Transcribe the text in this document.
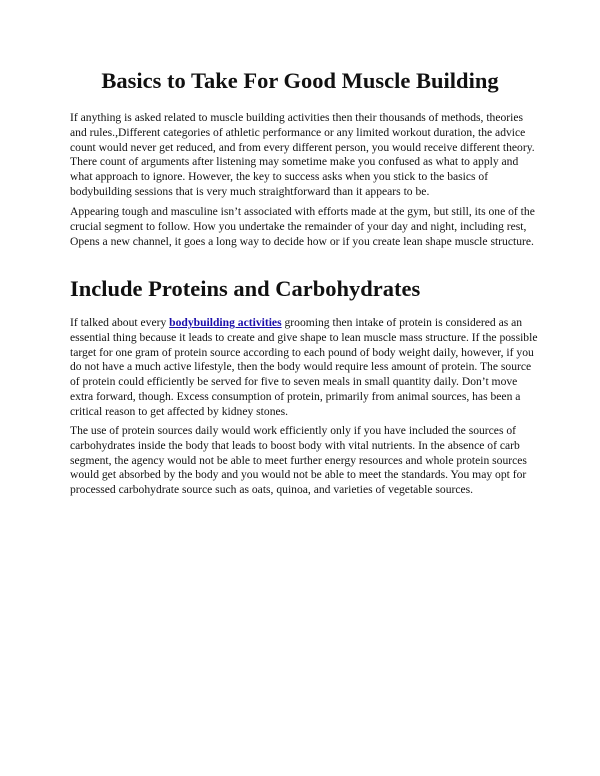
Basics to Take For Good Muscle Building

If anything is asked related to muscle building activities then their thousands of methods, theories and rules.,Different categories of athletic performance or any limited workout duration, the advice count would never get reduced, and from every different person, you would receive different theory. There count of arguments after listening may sometime make you confused as what to apply and what approach to ignore. However, the key to success asks when you stick to the basics of bodybuilding sessions that is very much straightforward than it appears to be.

Appearing tough and masculine isn’t associated with efforts made at the gym, but still, its one of the crucial segment to follow. How you undertake the remainder of your day and night, including rest, Opens a new channel, it goes a long way to decide how or if you create lean shape muscle structure.

Include Proteins and Carbohydrates

If talked about every bodybuilding activities grooming then intake of protein is considered as an essential thing because it leads to create and give shape to lean muscle mass structure. If the possible target for one gram of protein source according to each pound of body weight daily, however, if you do not have a much active lifestyle, then the body would require less amount of protein. The source of protein could efficiently be served for five to seven meals in small quantity daily. Don’t move extra forward, though. Excess consumption of protein, primarily from animal sources, has been a critical reason to get affected by kidney stones.

The use of protein sources daily would work efficiently only if you have included the sources of carbohydrates inside the body that leads to boost body with vital nutrients. In the absence of carb segment, the agency would not be able to meet further energy resources and whole protein sources would get absorbed by the body and you would not be able to meet the standards. You may opt for processed carbohydrate source such as oats, quinoa, and varieties of vegetable sources.
